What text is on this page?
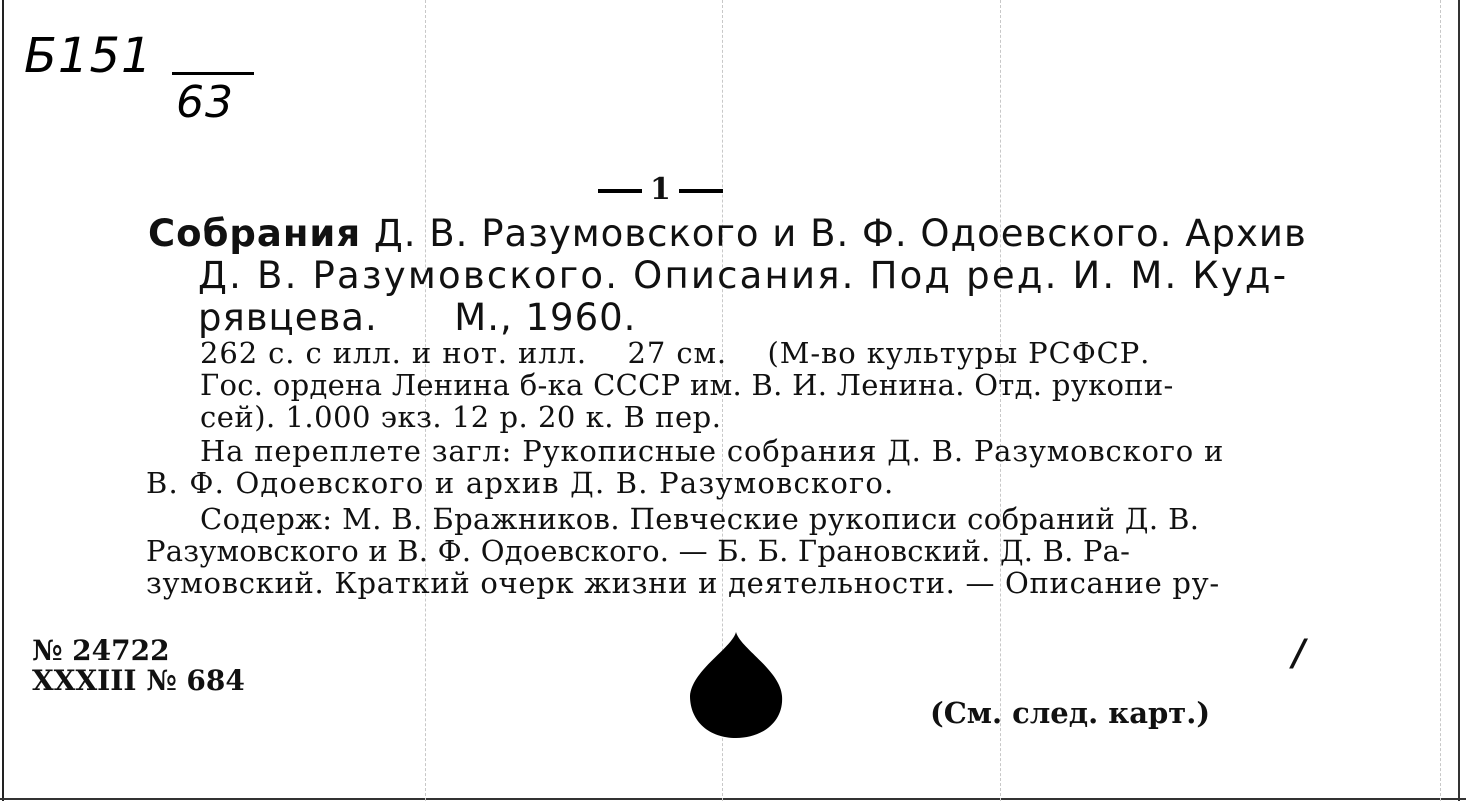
Б151
63
1
Собрания Д. В. Разумовского и В. Ф. Одоевского. Архив
Д. В. Разумовского. Описания. Под ред. И. М. Куд-
рявцева.      М., 1960.
262 с. с илл. и нот. илл.    27 см.    (М-во культуры РСФСР.
Гос. ордена Ленина б-ка СССР им. В. И. Ленина. Отд. рукопи-
сей). 1.000 экз. 12 р. 20 к. В пер.
На переплете загл: Рукописные собрания Д. В. Разумовского и
В. Ф. Одоевского и архив Д. В. Разумовского.
Содерж: М. В. Бражников. Певческие рукописи собраний Д. В.
Разумовского и В. Ф. Одоевского. — Б. Б. Грановский. Д. В. Ра-
зумовский. Краткий очерк жизни и деятельности. — Описание ру-
№ 24722
XXXIII № 684
/
(См. след. карт.)
